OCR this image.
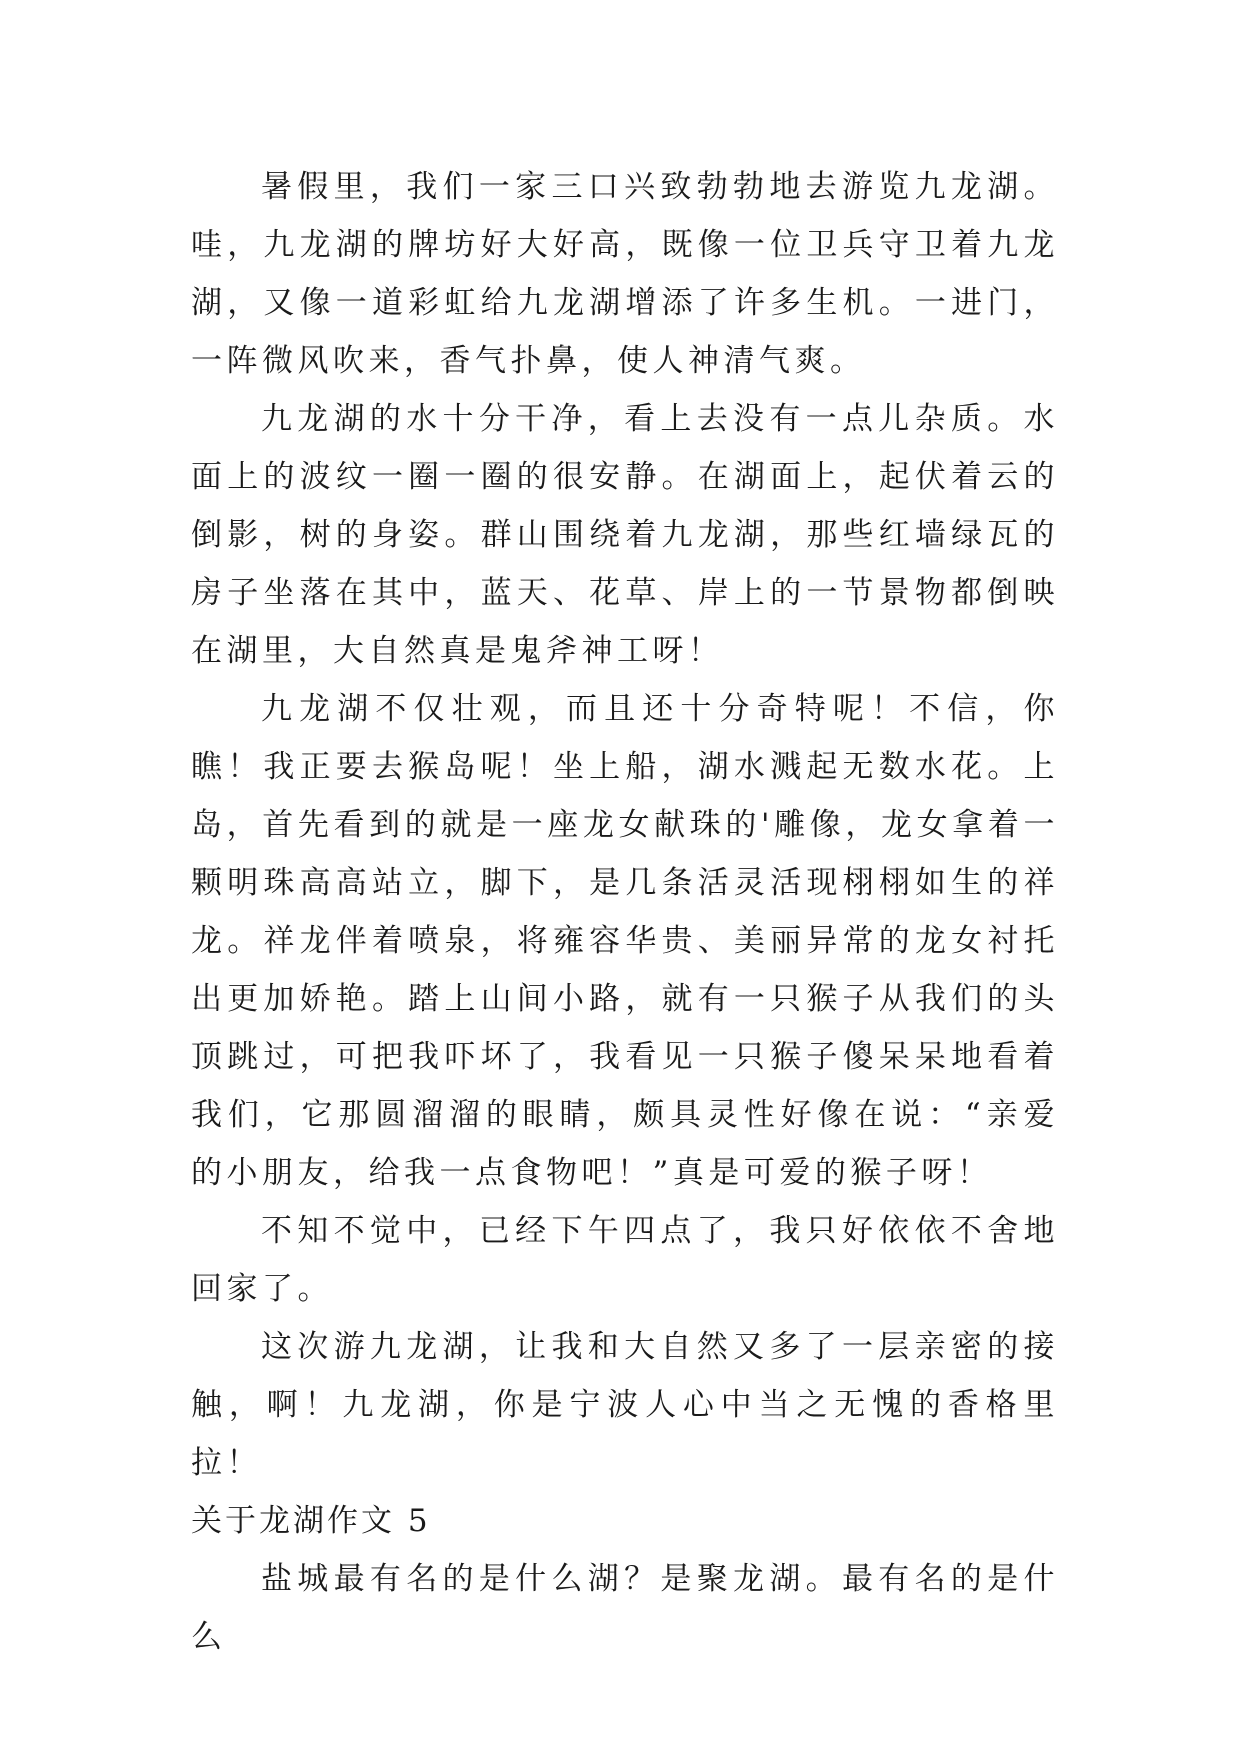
暑假里，我们一家三口兴致勃勃地去游览九龙湖。哇，九龙湖的牌坊好大好高，既像一位卫兵守卫着九龙湖，又像一道彩虹给九龙湖增添了许多生机。一进门，一阵微风吹来，香气扑鼻，使人神清气爽。

九龙湖的水十分干净，看上去没有一点儿杂质。水面上的波纹一圈一圈的很安静。在湖面上，起伏着云的倒影，树的身姿。群山围绕着九龙湖，那些红墙绿瓦的房子坐落在其中，蓝天、花草、岸上的一节景物都倒映在湖里，大自然真是鬼斧神工呀！

九龙湖不仅壮观，而且还十分奇特呢！不信，你瞧！我正要去猴岛呢！坐上船，湖水溅起无数水花。上岛，首先看到的就是一座龙女献珠的'雕像，龙女拿着一颗明珠高高站立，脚下，是几条活灵活现栩栩如生的祥龙。祥龙伴着喷泉，将雍容华贵、美丽异常的龙女衬托出更加娇艳。踏上山间小路，就有一只猴子从我们的头顶跳过，可把我吓坏了，我看见一只猴子傻呆呆地看着我们，它那圆溜溜的眼睛，颇具灵性好像在说：“亲爱的小朋友，给我一点食物吧！”真是可爱的猴子呀！

不知不觉中，已经下午四点了，我只好依依不舍地回家了。

这次游九龙湖，让我和大自然又多了一层亲密的接触，啊！九龙湖，你是宁波人心中当之无愧的香格里拉！

关于龙湖作文 5

盐城最有名的是什么湖？是聚龙湖。最有名的是什么
